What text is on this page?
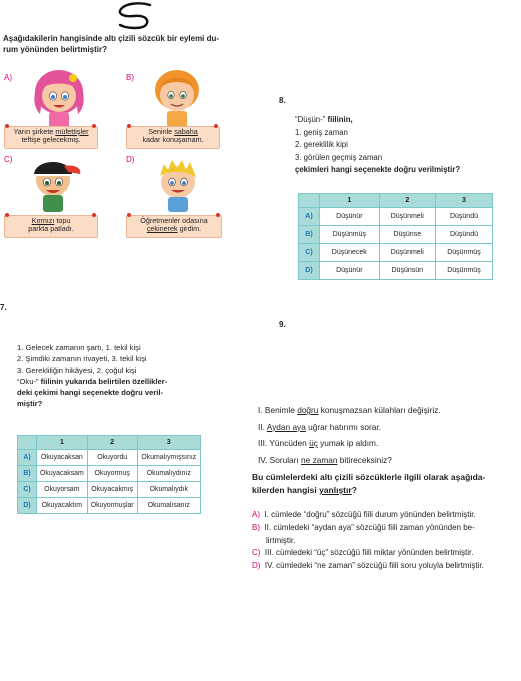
Aşağıdakilerin hangisinde altı çizili sözcük bir eylemi du-
rum yönünden belirtmiştir?
A)	B)
C)	D)
Yarın şirkete müfettişler
teftişe gelecekmiş.
Seninle sabaha
kadar konuşamam.
Kırmızı topu
parkta patladı.
Öğretmenler odasına
çekinerek girdim.
7.
1. Gelecek zamanın şartı, 1. tekil kişi
2. Şimdiki zamanın rivayeti, 3. tekil kişi
3. Gerekliliğin hikâyesi, 2. çoğul kişi
“Oku-” fiilinin yukarıda belirtilen özellikler-
deki çekimi hangi seçenekte doğru veril-
miştir?
	1	2	3
A)	Okuyacaksan	Okuyordu	Okumalıymışsınız
B)	Okuyacaksam	Okuyormuş	Okumalıydınız
C)	Okuyorsam	Okuyacakmış	Okumalıydık
D)	Okuyacaktım	Okuyormuşlar	Okumalısanız
8.
“Düşün-” fiilinin,
1. geniş zaman
2. gereklilik kipi
3. görülen geçmiş zaman
çekimleri hangi seçenekte doğru verilmiştir?
	1	2	3
A)	Düşünür	Düşünmeli	Düşündü
B)	Düşünmüş	Düşünse	Düşündü
C)	Düşünecek	Düşünmeli	Düşünmüş
D)	Düşünür	Düşünsün	Düşünmüş
9.
I. Benimle doğru konuşmazsan külahları değişiriz.
II. Aydan aya uğrar hatırımı sorar.
III. Yüncüden üç yumak ip aldım.
IV. Soruları ne zaman bitireceksiniz?
Bu cümlelerdeki altı çizili sözcüklerle ilgili olarak aşağıda-
kilerden hangisi yanlıştır?
A) I. cümlede “doğru” sözcüğü fiili durum yönünden belirtmiştir.
B) II. cümledeki “aydan aya” sözcüğü fiili zaman yönünden be-
lirtmiştir.
C) III. cümledeki “üç” sözcüğü fiili miktar yönünden belirtmiştir.
D) IV. cümledeki “ne zaman” sözcüğü fiili soru yoluyla belirtmiştir.
